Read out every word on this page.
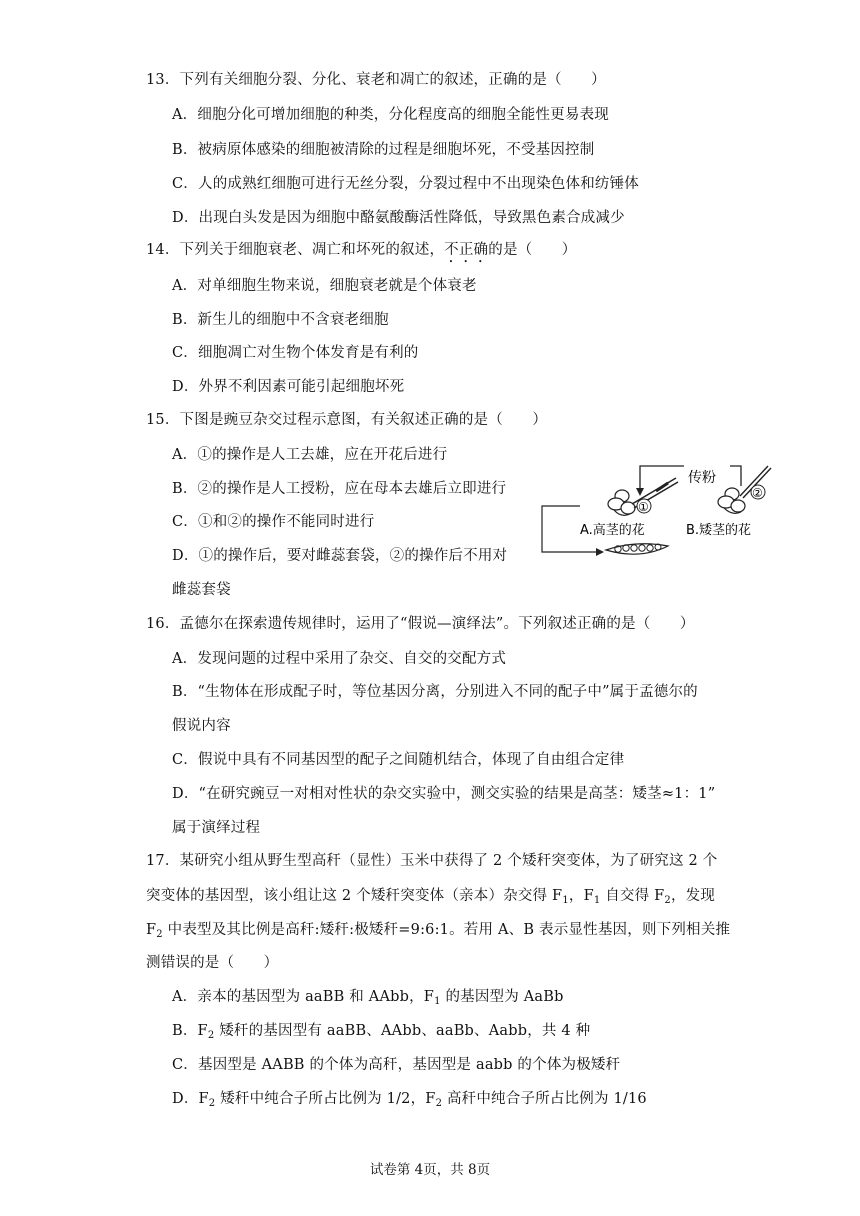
13．下列有关细胞分裂、分化、衰老和凋亡的叙述，正确的是（　　）
A．细胞分化可增加细胞的种类，分化程度高的细胞全能性更易表现
B．被病原体感染的细胞被清除的过程是细胞坏死，不受基因控制
C．人的成熟红细胞可进行无丝分裂，分裂过程中不出现染色体和纺锤体
D．出现白头发是因为细胞中酪氨酸酶活性降低，导致黑色素合成减少
14．下列关于细胞衰老、凋亡和坏死的叙述，不正确的是（　　）
A．对单细胞生物来说，细胞衰老就是个体衰老
B．新生儿的细胞中不含衰老细胞
C．细胞凋亡对生物个体发育是有利的
D．外界不利因素可能引起细胞坏死
15．下图是豌豆杂交过程示意图，有关叙述正确的是（　　）
A．①的操作是人工去雄，应在开花后进行
B．②的操作是人工授粉，应在母本去雄后立即进行
C．①和②的操作不能同时进行
D．①的操作后，要对雌蕊套袋，②的操作后不用对
雌蕊套袋
传粉
①
②
A.高茎的花	B.矮茎的花
16．孟德尔在探索遗传规律时，运用了“假说—演绎法”。下列叙述正确的是（　　）
A．发现问题的过程中采用了杂交、自交的交配方式
B．“生物体在形成配子时，等位基因分离，分别进入不同的配子中”属于孟德尔的
假说内容
C．假说中具有不同基因型的配子之间随机结合，体现了自由组合定律
D．“在研究豌豆一对相对性状的杂交实验中，测交实验的结果是高茎：矮茎≈1：1”
属于演绎过程
17．某研究小组从野生型高秆（显性）玉米中获得了 2 个矮秆突变体，为了研究这 2 个
突变体的基因型，该小组让这 2 个矮秆突变体（亲本）杂交得 $F_1$，$F_1$ 自交得 $F_2$，发现
$F_2$ 中表型及其比例是高秆:矮秆:极矮秆=9:6:1。若用 A、B 表示显性基因，则下列相关推
测错误的是（　　）
A．亲本的基因型为 aaBB 和 AAbb，$F_1$ 的基因型为 AaBb
B．$F_2$ 矮秆的基因型有 aaBB、AAbb、aaBb、Aabb，共 4 种
C．基因型是 AABB 的个体为高秆，基因型是 aabb 的个体为极矮秆
D．$F_2$ 矮秆中纯合子所占比例为 1/2，$F_2$ 高秆中纯合子所占比例为 1/16
试卷第 4页，共 8页
